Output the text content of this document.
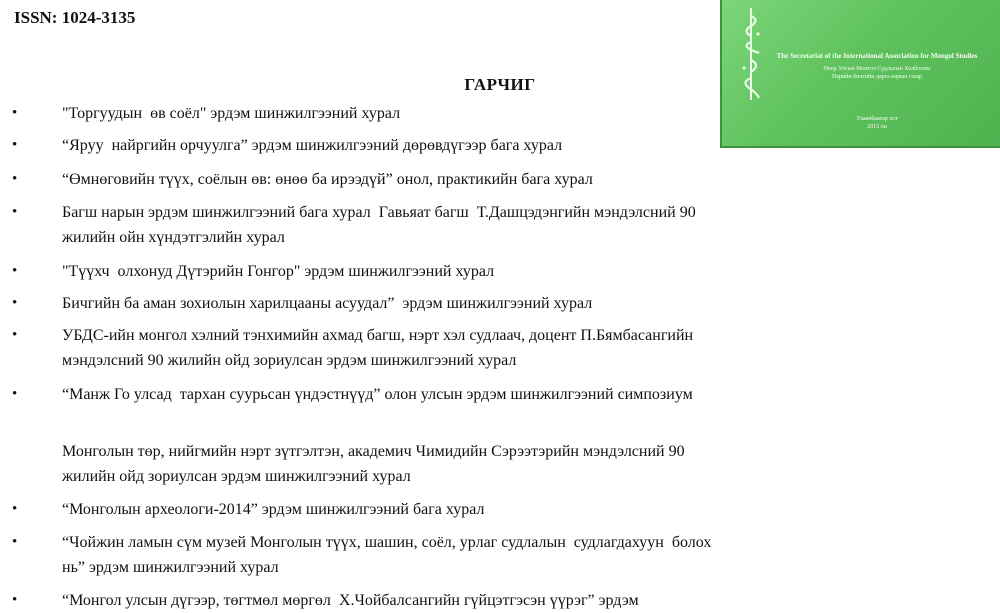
ISSN: 1024-3135

The Secretariat of the International Association for Mongol Studies

Өвөр Улсын Монгол Судлалын Холбооны

Нарийн бичгийн дарга нарын газар

Улаанбаатар хот

2015 он

ГАРЧИГ
•	"Торгуудын  өв соёл" эрдэм шинжилгээний хурал

•	“Яруу  найргийн орчуулга” эрдэм шинжилгээний дөрөвдүгээр бага хурал

•	“Өмнөговийн түүх, соёлын өв: өнөө ба ирээдүй” онол, практикийн бага хурал

•	Багш нарын эрдэм шинжилгээний бага хурал  Гавьяат багш  Т.Дашцэдэнгийн мэндэлсний 90
жилийн ойн хүндэтгэлийн хурал

•	"Түүхч  олхонуд Дүтэрийн Гонгор" эрдэм шинжилгээний хурал

•	Бичгийн ба аман зохиолын харилцааны асуудал”  эрдэм шинжилгээний хурал

•	УБДС-ийн монгол хэлний тэнхимийн ахмад багш, нэрт хэл судлаач, доцент П.Бямбасангийн
мэндэлсний 90 жилийн ойд зориулсан эрдэм шинжилгээний хурал

•	“Манж Го улсад  тархан суурьсан үндэстнүүд” олон улсын эрдэм шинжилгээний симпозиум

Монголын төр, нийгмийн нэрт зүтгэлтэн, академич Чимидийн Сэрээтэрийн мэндэлсний 90
жилийн ойд зориулсан эрдэм шинжилгээний хурал

•	“Монголын археологи-2014” эрдэм шинжилгээний бага хурал

•	“Чойжин ламын сүм музей Монголын түүх, шашин, соёл, урлаг судлалын  судлагдахуун  болох
нь” эрдэм шинжилгээний хурал

•	“Монгол улсын дүгээр, төгтмөл мөргөл  Х.Чойбалсангийн гүйцэтгэсэн үүрэг” эрдэм
